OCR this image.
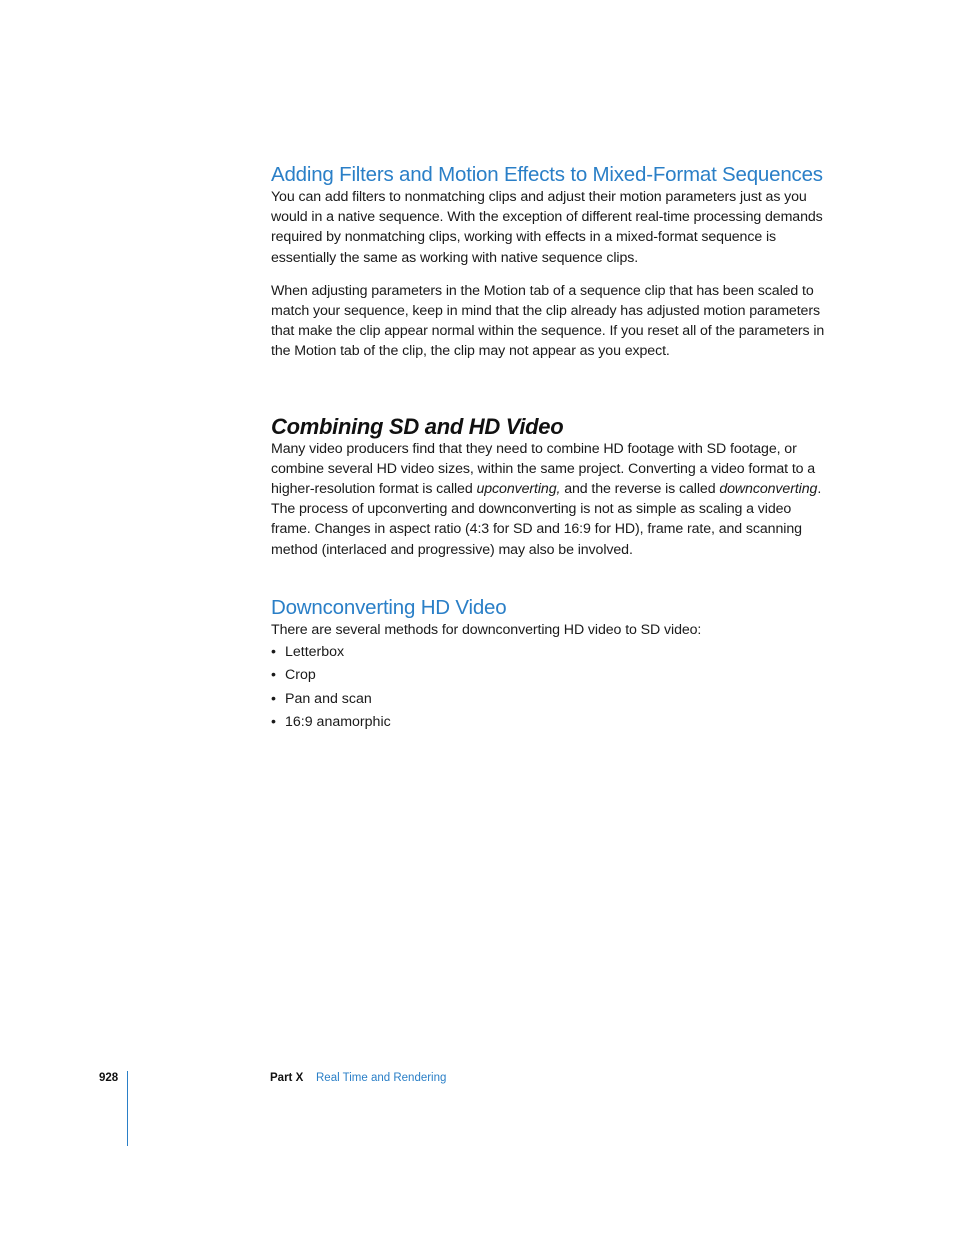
Adding Filters and Motion Effects to Mixed-Format Sequences

You can add filters to nonmatching clips and adjust their motion parameters just as you would in a native sequence. With the exception of different real-time processing demands required by nonmatching clips, working with effects in a mixed-format sequence is essentially the same as working with native sequence clips.

When adjusting parameters in the Motion tab of a sequence clip that has been scaled to match your sequence, keep in mind that the clip already has adjusted motion parameters that make the clip appear normal within the sequence. If you reset all of the parameters in the Motion tab of the clip, the clip may not appear as you expect.

Combining SD and HD Video

Many video producers find that they need to combine HD footage with SD footage, or combine several HD video sizes, within the same project. Converting a video format to a higher-resolution format is called upconverting, and the reverse is called downconverting. The process of upconverting and downconverting is not as simple as scaling a video frame. Changes in aspect ratio (4:3 for SD and 16:9 for HD), frame rate, and scanning method (interlaced and progressive) may also be involved.

Downconverting HD Video

There are several methods for downconverting HD video to SD video:

• Letterbox
• Crop
• Pan and scan
• 16:9 anamorphic
928	Part X Real Time and Rendering
